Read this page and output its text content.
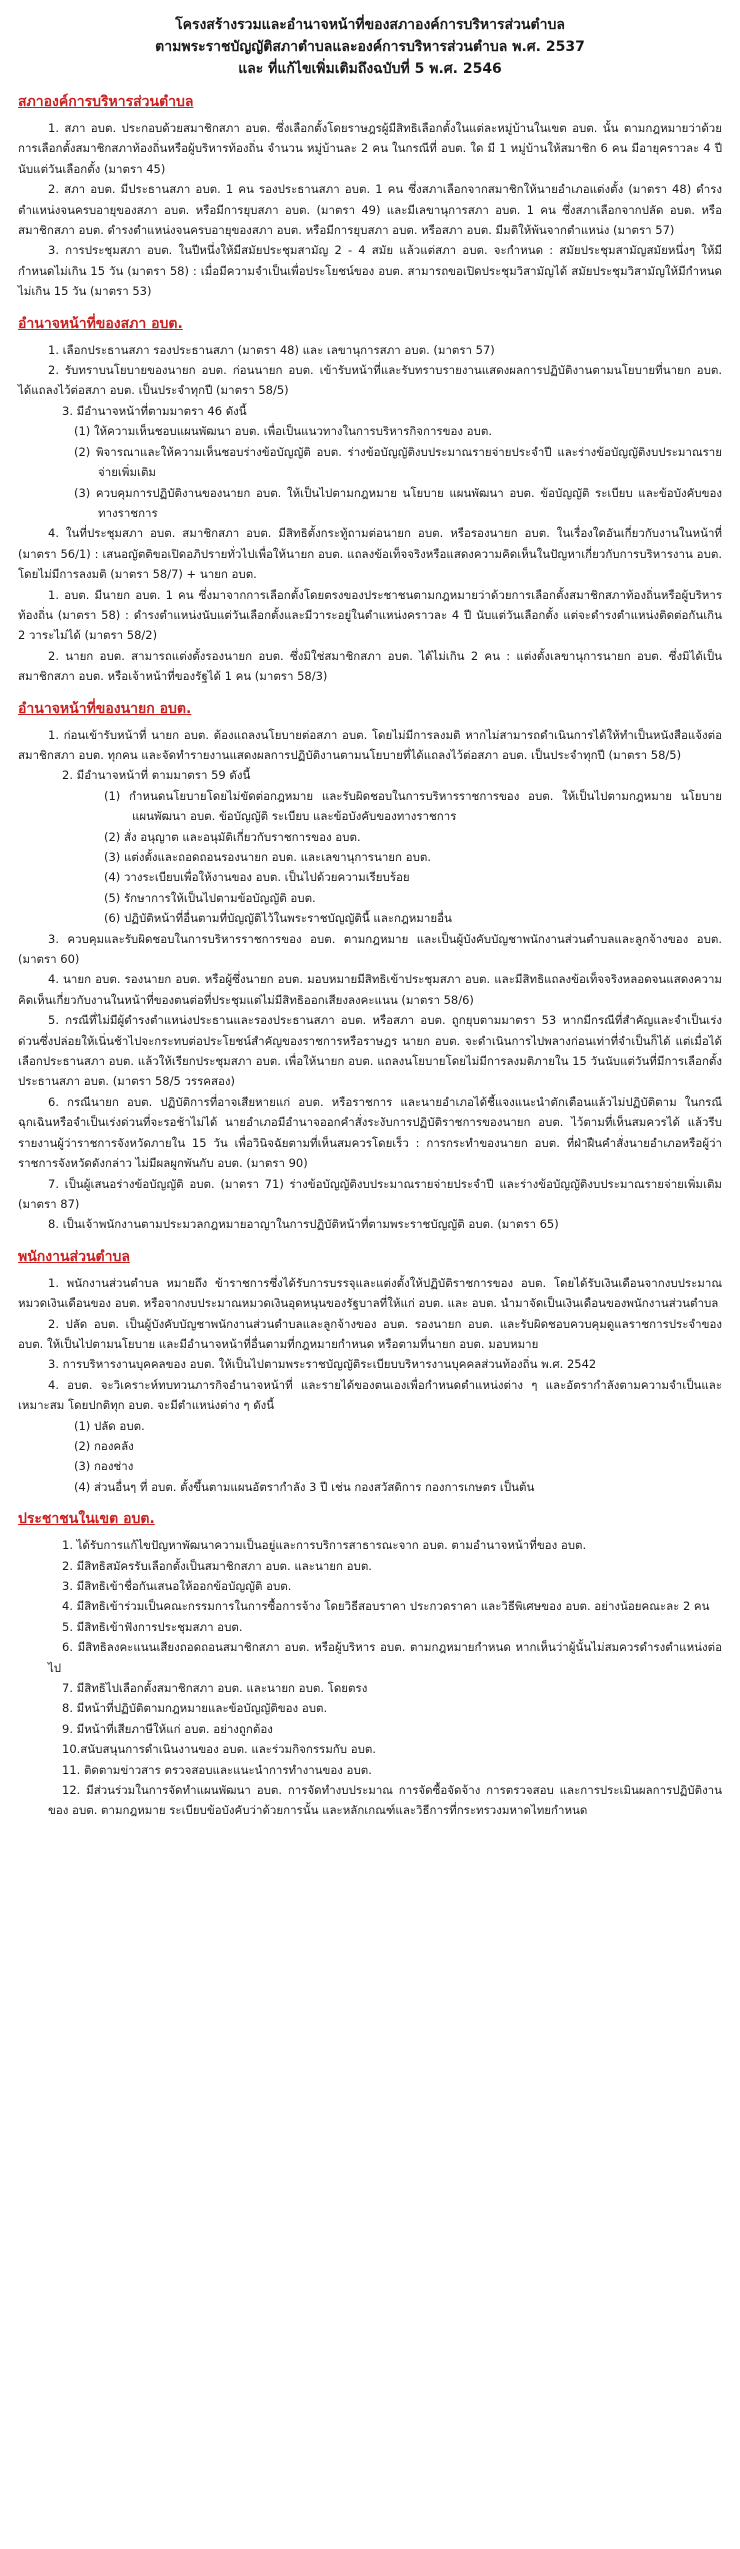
โครงสร้างรวมและอำนาจหน้าที่ของสภาองค์การบริหารส่วนตำบล
ตามพระราชบัญญัติสภาตำบลและองค์การบริหารส่วนตำบล พ.ศ. 2537
และ ที่แก้ไขเพิ่มเติมถึงฉบับที่ 5 พ.ศ. 2546
สภาองค์การบริหารส่วนตำบล

1. สภา อบต. ประกอบด้วยสมาชิกสภา อบต. ซึ่งเลือกตั้งโดยราษฎรผู้มีสิทธิเลือกตั้งในแต่ละหมู่บ้านในเขต อบต. นั้น ตามกฎหมายว่าด้วยการเลือกตั้งสมาชิกสภาท้องถิ่นหรือผู้บริหารท้องถิ่น จำนวน หมู่บ้านละ 2 คน ในกรณีที่ อบต. ใด มี 1 หมู่บ้านให้สมาชิก 6 คน มีอายุคราวละ 4 ปี นับแต่วันเลือกตั้ง (มาตรา 45)

2. สภา อบต. มีประธานสภา อบต. 1 คน รองประธานสภา อบต. 1 คน ซึ่งสภาเลือกจากสมาชิกให้นายอำเภอแต่งตั้ง (มาตรา 48) ดำรงตำแหน่งจนครบอายุของสภา อบต. หรือมีการยุบสภา อบต. (มาตรา 49) และมีเลขานุการสภา อบต. 1 คน ซึ่งสภาเลือกจากปลัด อบต. หรือสมาชิกสภา อบต. ดำรงตำแหน่งจนครบอายุของสภา อบต. หรือมีการยุบสภา อบต. หรือสภา อบต. มีมติให้พ้นจากตำแหน่ง (มาตรา 57)

3. การประชุมสภา อบต. ในปีหนึ่งให้มีสมัยประชุมสามัญ 2 - 4 สมัย แล้วแต่สภา อบต. จะกำหนด : สมัยประชุมสามัญสมัยหนึ่งๆ ให้มีกำหนดไม่เกิน 15 วัน (มาตรา 58) : เมื่อมีความจำเป็นเพื่อประโยชน์ของ อบต. สามารถขอเปิดประชุมวิสามัญได้ สมัยประชุมวิสามัญให้มีกำหนดไม่เกิน 15 วัน (มาตรา 53)

อำนาจหน้าที่ของสภา อบต.

1. เลือกประธานสภา รองประธานสภา (มาตรา 48) และ เลขานุการสภา อบต. (มาตรา 57)

2. รับทราบนโยบายของนายก อบต. ก่อนนายก อบต. เข้ารับหน้าที่และรับทราบรายงานแสดงผลการปฏิบัติงานตามนโยบายที่นายก อบต. ได้แถลงไว้ต่อสภา อบต. เป็นประจำทุกปี (มาตรา 58/5)

3. มีอำนาจหน้าที่ตามมาตรา 46 ดังนี้

(1) ให้ความเห็นชอบแผนพัฒนา อบต. เพื่อเป็นแนวทางในการบริหารกิจการของ อบต.

(2) พิจารณาและให้ความเห็นชอบร่างข้อบัญญัติ อบต. ร่างข้อบัญญัติงบประมาณรายจ่ายประจำปี และร่างข้อบัญญัติงบประมาณรายจ่ายเพิ่มเติม

(3) ควบคุมการปฏิบัติงานของนายก อบต. ให้เป็นไปตามกฎหมาย นโยบาย แผนพัฒนา อบต. ข้อบัญญัติ ระเบียบ และข้อบังคับของทางราชการ

4. ในที่ประชุมสภา อบต. สมาชิกสภา อบต. มีสิทธิตั้งกระทู้ถามต่อนายก อบต. หรือรองนายก อบต. ในเรื่องใดอันเกี่ยวกับงานในหน้าที่ (มาตรา 56/1) : เสนอญัตติขอเปิดอภิปรายทั่วไปเพื่อให้นายก อบต. แถลงข้อเท็จจริงหรือแสดงความคิดเห็นในปัญหาเกี่ยวกับการบริหารงาน อบต. โดยไม่มีการลงมติ (มาตรา 58/7) + นายก อบต.

1. อบต. มีนายก อบต. 1 คน ซึ่งมาจากการเลือกตั้งโดยตรงของประชาชนตามกฎหมายว่าด้วยการเลือกตั้งสมาชิกสภาท้องถิ่นหรือผู้บริหารท้องถิ่น (มาตรา 58) : ดำรงตำแหน่งนับแต่วันเลือกตั้งและมีวาระอยู่ในตำแหน่งคราวละ 4 ปี นับแต่วันเลือกตั้ง แต่จะดำรงตำแหน่งติดต่อกันเกิน 2 วาระไม่ได้ (มาตรา 58/2)

2. นายก อบต. สามารถแต่งตั้งรองนายก อบต. ซึ่งมิใช่สมาชิกสภา อบต. ได้ไม่เกิน 2 คน : แต่งตั้งเลขานุการนายก อบต. ซึ่งมิได้เป็นสมาชิกสภา อบต. หรือเจ้าหน้าที่ของรัฐได้ 1 คน (มาตรา 58/3)

อำนาจหน้าที่ของนายก อบต.

1. ก่อนเข้ารับหน้าที่ นายก อบต. ต้องแถลงนโยบายต่อสภา อบต. โดยไม่มีการลงมติ หากไม่สามารถดำเนินการได้ให้ทำเป็นหนังสือแจ้งต่อสมาชิกสภา อบต. ทุกคน และจัดทำรายงานแสดงผลการปฏิบัติงานตามนโยบายที่ได้แถลงไว้ต่อสภา อบต. เป็นประจำทุกปี (มาตรา 58/5)

2. มีอำนาจหน้าที่ ตามมาตรา 59 ดังนี้

(1) กำหนดนโยบายโดยไม่ขัดต่อกฎหมาย และรับผิดชอบในการบริหารราชการของ อบต. ให้เป็นไปตามกฎหมาย นโยบาย แผนพัฒนา อบต. ข้อบัญญัติ ระเบียบ และข้อบังคับของทางราชการ

(2) สั่ง อนุญาต และอนุมัติเกี่ยวกับราชการของ อบต.

(3) แต่งตั้งและถอดถอนรองนายก อบต. และเลขานุการนายก อบต.

(4) วางระเบียบเพื่อให้งานของ อบต. เป็นไปด้วยความเรียบร้อย

(5) รักษาการให้เป็นไปตามข้อบัญญัติ อบต.

(6) ปฏิบัติหน้าที่อื่นตามที่บัญญัติไว้ในพระราชบัญญัตินี้ และกฎหมายอื่น

3. ควบคุมและรับผิดชอบในการบริหารราชการของ อบต. ตามกฎหมาย และเป็นผู้บังคับบัญชาพนักงานส่วนตำบลและลูกจ้างของ อบต. (มาตรา 60)

4. นายก อบต. รองนายก อบต. หรือผู้ซึ่งนายก อบต. มอบหมายมีสิทธิเข้าประชุมสภา อบต. และมีสิทธิแถลงข้อเท็จจริงหลอดจนแสดงความคิดเห็นเกี่ยวกับงานในหน้าที่ของตนต่อที่ประชุมแต่ไม่มีสิทธิออกเสียงลงคะแนน (มาตรา 58/6)

5. กรณีที่ไม่มีผู้ดำรงตำแหน่งประธานและรองประธานสภา อบต. หรือสภา อบต. ถูกยุบตามมาตรา 53 หากมีกรณีที่สำคัญและจำเป็นเร่งด่วนซึ่งปล่อยให้เนิ่นช้าไปจะกระทบต่อประโยชน์สำคัญของราชการหรือราษฎร นายก อบต. จะดำเนินการไปพลางก่อนเท่าที่จำเป็นก็ได้ แต่เมื่อได้เลือกประธานสภา อบต. แล้วให้เรียกประชุมสภา อบต. เพื่อให้นายก อบต. แถลงนโยบายโดยไม่มีการลงมติภายใน 15 วันนับแต่วันที่มีการเลือกตั้งประธานสภา อบต. (มาตรา 58/5 วรรคสอง)

6. กรณีนายก อบต. ปฏิบัติการที่อาจเสียหายแก่ อบต. หรือราชการ และนายอำเภอได้ชี้แจงแนะนำตักเตือนแล้วไม่ปฏิบัติตาม ในกรณีฉุกเฉินหรือจำเป็นเร่งด่วนที่จะรอช้าไม่ได้ นายอำเภอมีอำนาจออกคำสั่งระงับการปฏิบัติราชการของนายก อบต. ไว้ตามที่เห็นสมควรได้ แล้วรีบรายงานผู้ว่าราชการจังหวัดภายใน 15 วัน เพื่อวินิจฉัยตามที่เห็นสมควรโดยเร็ว : การกระทำของนายก อบต. ที่ฝ่าฝืนคำสั่งนายอำเภอหรือผู้ว่าราชการจังหวัดดังกล่าว ไม่มีผลผูกพันกับ อบต. (มาตรา 90)

7. เป็นผู้เสนอร่างข้อบัญญัติ อบต. (มาตรา 71) ร่างข้อบัญญัติงบประมาณรายจ่ายประจำปี และร่างข้อบัญญัติงบประมาณรายจ่ายเพิ่มเติม (มาตรา 87)

8. เป็นเจ้าพนักงานตามประมวลกฎหมายอาญาในการปฏิบัติหน้าที่ตามพระราชบัญญัติ อบต. (มาตรา 65)

พนักงานส่วนตำบล

1. พนักงานส่วนตำบล หมายถึง ข้าราชการซึ่งได้รับการบรรจุและแต่งตั้งให้ปฏิบัติราชการของ อบต. โดยได้รับเงินเดือนจากงบประมาณหมวดเงินเดือนของ อบต. หรือจากงบประมาณหมวดเงินอุดหนุนของรัฐบาลที่ให้แก่ อบต. และ อบต. นำมาจัดเป็นเงินเดือนของพนักงานส่วนตำบล

2. ปลัด อบต. เป็นผู้บังคับบัญชาพนักงานส่วนตำบลและลูกจ้างของ อบต. รองนายก อบต. และรับผิดชอบควบคุมดูแลราชการประจำของ อบต. ให้เป็นไปตามนโยบาย และมีอำนาจหน้าที่อื่นตามที่กฎหมายกำหนด หรือตามที่นายก อบต. มอบหมาย

3. การบริหารงานบุคคลของ อบต. ให้เป็นไปตามพระราชบัญญัติระเบียบบริหารงานบุคคลส่วนท้องถิ่น พ.ศ. 2542

4. อบต. จะวิเคราะห์ทบทวนภารกิจอำนาจหน้าที่ และรายได้ของตนเองเพื่อกำหนดตำแหน่งต่าง ๆ และอัตรากำลังตามความจำเป็นและเหมาะสม โดยปกติทุก อบต. จะมีตำแหน่งต่าง ๆ ดังนี้

(1) ปลัด อบต.

(2) กองคลัง

(3) กองช่าง

(4) ส่วนอื่นๆ ที่ อบต. ตั้งขึ้นตามแผนอัตรากำลัง 3 ปี เช่น กองสวัสดิการ กองการเกษตร เป็นต้น

ประชาชนในเขต อบต.

1. ได้รับการแก้ไขปัญหาพัฒนาความเป็นอยู่และการบริการสาธารณะจาก อบต. ตามอำนาจหน้าที่ของ อบต.

2. มีสิทธิสมัครรับเลือกตั้งเป็นสมาชิกสภา อบต. และนายก อบต.

3. มีสิทธิเข้าชื่อกันเสนอให้ออกข้อบัญญัติ อบต.

4. มีสิทธิเข้าร่วมเป็นคณะกรรมการในการซื้อการจ้าง โดยวิธีสอบราคา ประกวดราคา และวิธีพิเศษของ อบต. อย่างน้อยคณะละ 2 คน

5. มีสิทธิเข้าฟังการประชุมสภา อบต.

6. มีสิทธิลงคะแนนเสียงถอดถอนสมาชิกสภา อบต. หรือผู้บริหาร อบต. ตามกฎหมายกำหนด หากเห็นว่าผู้นั้นไม่สมควรดำรงตำแหน่งต่อไป

7. มีสิทธิไปเลือกตั้งสมาชิกสภา อบต. และนายก อบต. โดยตรง

8. มีหน้าที่ปฏิบัติตามกฎหมายและข้อบัญญัติของ อบต.

9. มีหน้าที่เสียภาษีให้แก่ อบต. อย่างถูกต้อง

10.สนับสนุนการดำเนินงานของ อบต. และร่วมกิจกรรมกับ อบต.

11. ติดตามข่าวสาร ตรวจสอบและแนะนำการทำงานของ อบต.

12. มีส่วนร่วมในการจัดทำแผนพัฒนา อบต. การจัดทำงบประมาณ การจัดซื้อจัดจ้าง การตรวจสอบ และการประเมินผลการปฏิบัติงานของ อบต. ตามกฎหมาย ระเบียบข้อบังคับว่าด้วยการนั้น และหลักเกณฑ์และวิธีการที่กระทรวงมหาดไทยกำหนด
